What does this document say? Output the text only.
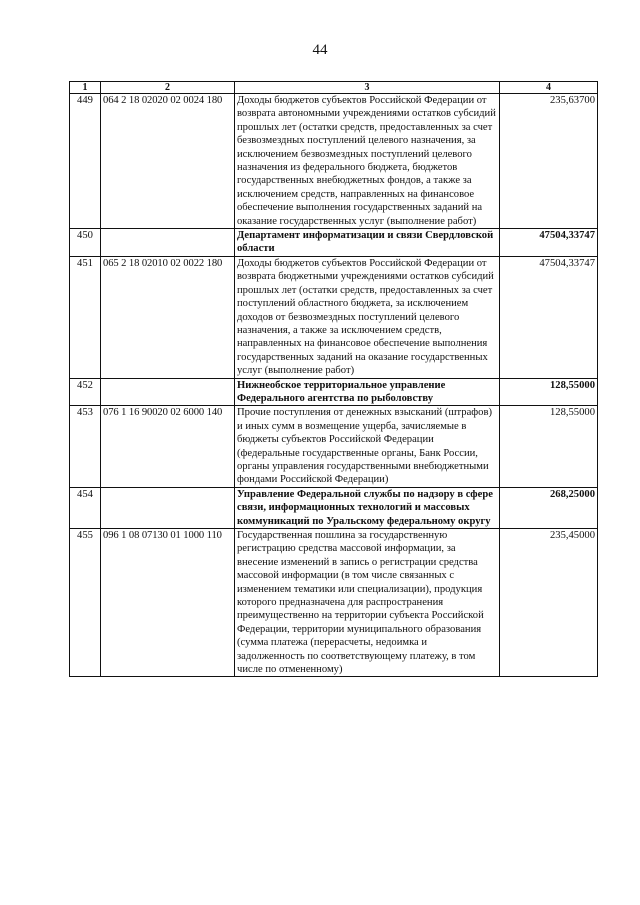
44
1	2	3	4
449	064 2 18 02020 02 0024 180	Доходы бюджетов субъектов Российской Федерации от возврата автономными учреждениями остатков субсидий прошлых лет (остатки средств, предоставленных за счет безвозмездных поступлений целевого назначения, за исключением безвозмездных поступлений целевого назначения из федерального бюджета, бюджетов государственных внебюджетных фондов, а также за исключением средств, направленных на финансовое обеспечение выполнения государственных заданий на оказание государственных услуг (выполнение работ)	235,63700
450		Департамент информатизации и связи Свердловской области	47504,33747
451	065 2 18 02010 02 0022 180	Доходы бюджетов субъектов Российской Федерации от возврата бюджетными учреждениями остатков субсидий прошлых лет (остатки средств, предоставленных за счет поступлений областного бюджета, за исключением доходов от безвозмездных поступлений целевого назначения, а также за исключением средств, направленных на финансовое обеспечение выполнения государственных заданий на оказание государственных услуг (выполнение работ)	47504,33747
452		Нижнеобское территориальное управление Федерального агентства по рыболовству	128,55000
453	076 1 16 90020 02 6000 140	Прочие поступления от денежных взысканий (штрафов) и иных сумм в возмещение ущерба, зачисляемые в бюджеты субъектов Российской Федерации (федеральные государственные органы, Банк России, органы управления государственными внебюджетными фондами Российской Федерации)	128,55000
454		Управление Федеральной службы по надзору в сфере связи, информационных технологий и массовых коммуникаций по Уральскому федеральному округу	268,25000
455	096 1 08 07130 01 1000 110	Государственная пошлина за государственную регистрацию средства массовой информации, за внесение изменений в запись о регистрации средства массовой информации (в том числе связанных с изменением тематики или специализации), продукция которого предназначена для распространения преимущественно на территории субъекта Российской Федерации, территории муниципального образования (сумма платежа (перерасчеты, недоимка и задолженность по соответствующему платежу, в том числе по отмененному)	235,45000
